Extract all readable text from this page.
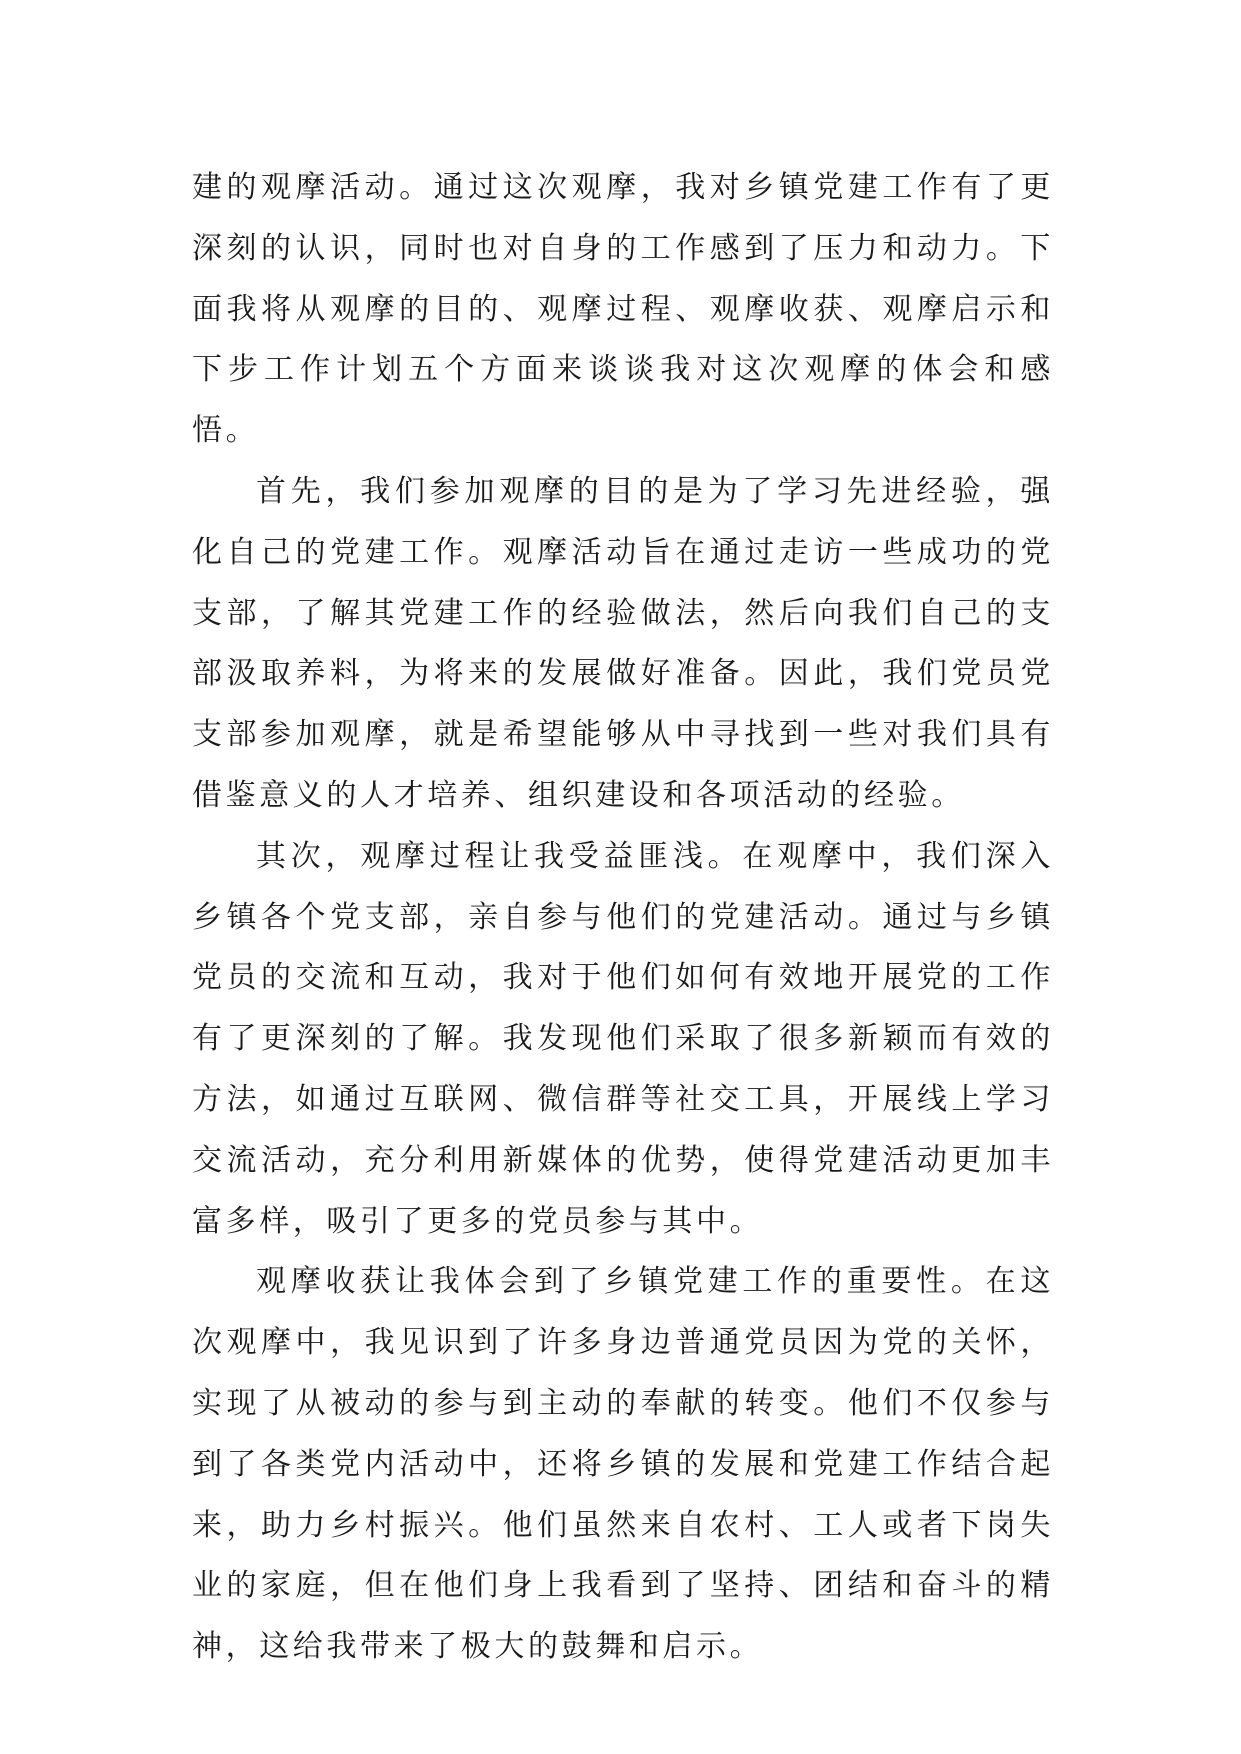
建的观摩活动。通过这次观摩，我对乡镇党建工作有了更深刻的认识，同时也对自身的工作感到了压力和动力。下面我将从观摩的目的、观摩过程、观摩收获、观摩启示和下步工作计划五个方面来谈谈我对这次观摩的体会和感悟。

首先，我们参加观摩的目的是为了学习先进经验，强化自己的党建工作。观摩活动旨在通过走访一些成功的党支部，了解其党建工作的经验做法，然后向我们自己的支部汲取养料，为将来的发展做好准备。因此，我们党员党支部参加观摩，就是希望能够从中寻找到一些对我们具有借鉴意义的人才培养、组织建设和各项活动的经验。

其次，观摩过程让我受益匪浅。在观摩中，我们深入乡镇各个党支部，亲自参与他们的党建活动。通过与乡镇党员的交流和互动，我对于他们如何有效地开展党的工作有了更深刻的了解。我发现他们采取了很多新颖而有效的方法，如通过互联网、微信群等社交工具，开展线上学习交流活动，充分利用新媒体的优势，使得党建活动更加丰富多样，吸引了更多的党员参与其中。

观摩收获让我体会到了乡镇党建工作的重要性。在这次观摩中，我见识到了许多身边普通党员因为党的关怀，实现了从被动的参与到主动的奉献的转变。他们不仅参与到了各类党内活动中，还将乡镇的发展和党建工作结合起来，助力乡村振兴。他们虽然来自农村、工人或者下岗失业的家庭，但在他们身上我看到了坚持、团结和奋斗的精神，这给我带来了极大的鼓舞和启示。
